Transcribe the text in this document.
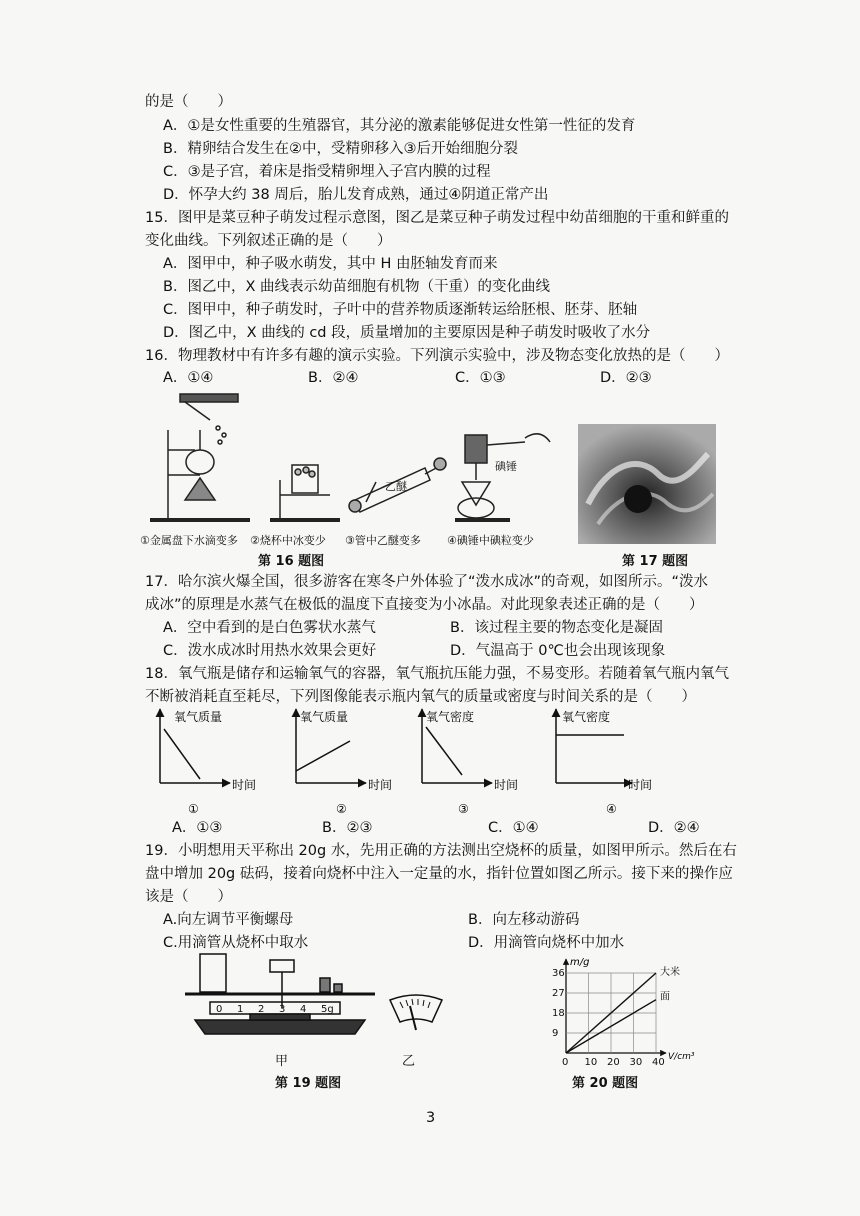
的是（　　）
A．①是女性重要的生殖器官，其分泌的激素能够促进女性第一性征的发育
B．精卵结合发生在②中，受精卵移入③后开始细胞分裂
C．③是子宫，着床是指受精卵埋入子宫内膜的过程
D．怀孕大约 38 周后，胎儿发育成熟，通过④阴道正常产出
15．图甲是菜豆种子萌发过程示意图，图乙是菜豆种子萌发过程中幼苗细胞的干重和鲜重的
变化曲线。下列叙述正确的是（　　）
A．图甲中，种子吸水萌发，其中 H 由胚轴发育而来
B．图乙中，X 曲线表示幼苗细胞有机物（干重）的变化曲线
C．图甲中，种子萌发时，子叶中的营养物质逐渐转运给胚根、胚芽、胚轴
D．图乙中，X 曲线的 cd 段，质量增加的主要原因是种子萌发时吸收了水分
16．物理教材中有许多有趣的演示实验。下列演示实验中，涉及物态变化放热的是（　　）
A．①④	B．②④	C．①③	D．②③
乙醚
碘锤
①金属盘下水滴变多 ②烧杯中冰变少 ③管中乙醚变多 ④碘锤中碘粒变少
第 16 题图	第 17 题图
17．哈尔滨火爆全国，很多游客在寒冬户外体验了“泼水成冰”的奇观，如图所示。“泼水
成冰”的原理是水蒸气在极低的温度下直接变为小冰晶。对此现象表述正确的是（　　）
A．空中看到的是白色雾状水蒸气	B．该过程主要的物态变化是凝固
C．泼水成冰时用热水效果会更好	D．气温高于 0℃也会出现该现象
18．氧气瓶是储存和运输氧气的容器，氧气瓶抗压能力强，不易变形。若随着氧气瓶内氧气
不断被消耗直至耗尽，下列图像能表示瓶内氧气的质量或密度与时间关系的是（　　）
氧气质量
时间
①
氧气质量
时间
②
氧气密度
时间
③
氧气密度
时间
④
A．①③	B．②③	C．①④	D．②④
19．小明想用天平称出 20g 水，先用正确的方法测出空烧杯的质量，如图甲所示。然后在右
盘中增加 20g 砝码，接着向烧杯中注入一定量的水，指针位置如图乙所示。接下来的操作应
该是（　　）
A.向左调节平衡螺母	B．向左移动游码
C.用滴管从烧杯中取水	D．用滴管向烧杯中加水
0 1 2 3 4 5g
甲	乙
第 19 题图
0 10 20 30 40
9
18
27
36	大米
面
m/g
V/cm³
第 20 题图
3
